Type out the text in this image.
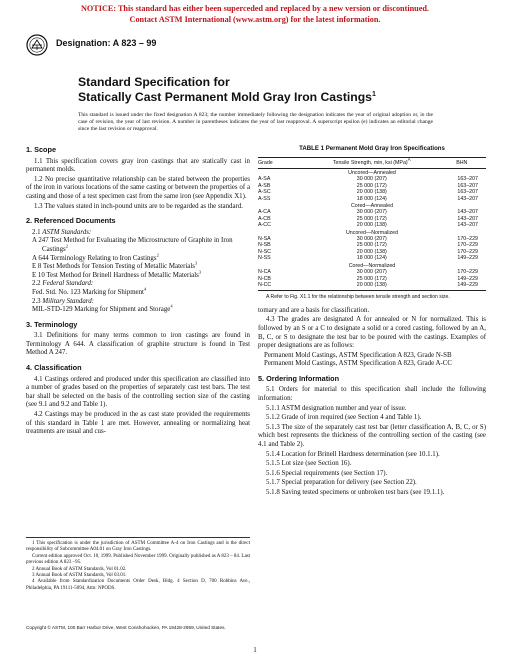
NOTICE: This standard has either been superceded and replaced by a new version or discontinued.
Contact ASTM International (www.astm.org) for the latest information.
Designation: A 823 – 99
Standard Specification for
Statically Cast Permanent Mold Gray Iron Castings$^1$
This standard is issued under the fixed designation A 823; the number immediately following the designation indicates the year of original adoption or, in the case of revision, the year of last revision. A number in parentheses indicates the year of last reapproval. A superscript epsilon (e) indicates an editorial change since the last revision or reapproval.
1. Scope

1.1 This specification covers gray iron castings that are statically cast in permanent molds.

1.2 No precise quantitative relationship can be stated between the properties of the iron in various locations of the same casting or between the properties of a casting and those of a test specimen cast from the same iron (see Appendix X1).

1.3 The values stated in inch-pound units are to be regarded as the standard.

2. Referenced Documents

2.1 ASTM Standards:

A 247 Test Method for Evaluating the Microstructure of Graphite in Iron Castings$^2$

A 644 Terminology Relating to Iron Castings$^2$

E 8 Test Methods for Tension Testing of Metallic Materials$^3$

E 10 Test Method for Brinell Hardness of Metallic Materials$^3$

2.2 Federal Standard:

Fed. Std. No. 123 Marking for Shipment$^4$

2.3 Military Standard:

MIL-STD-129 Marking for Shipment and Storage$^4$

3. Terminology

3.1 Definitions for many terms common to iron castings are found in Terminology A 644. A classification of graphite structure is found in Test Method A 247.

4. Classification

4.1 Castings ordered and produced under this specification are classified into a number of grades based on the properties of separately cast test bars. The test bar shall be selected on the basis of the controlling section size of the casting (see 9.1 and 9.2 and Table 1).

4.2 Castings may be produced in the as cast state provided the requirements of this standard in Table 1 are met. However, annealing or normalizing heat treatments are usual and cus-

TABLE 1 Permanent Mold Gray Iron Specifications
Grade	Tensile Strength, min, ksi (MPa)$^A$	BHN
Uncored—Annealed		
A-SA	30 000 (207)	163–207
A-SB	25 000 (172)	163–207
A-SC	20 000 (138)	163–207
A-SS	18 000 (124)	143–207
Cored—Annealed		
A-CA	30 000 (207)	143–207
A-CB	25 000 (172)	143–207
A-CC	20 000 (138)	143–207
Uncored—Normalized		
N-SA	30 000 (207)	170–229
N-SB	25 000 (172)	170–229
N-SC	20 000 (138)	170–229
N-SS	18 000 (124)	149–229
Cored—Normalized		
N-CA	30 000 (207)	170–229
N-CB	25 000 (172)	149–229
N-CC	20 000 (138)	149–229

A Refer to Fig. X1.1 for the relationship between tensile strength and section size.

tomary and are a basis for classification.

4.3 The grades are designated A for annealed or N for normalized. This is followed by an S or a C to designate a solid or a cored casting, followed by an A, B, C, or S to designate the test bar to be poured with the castings. Examples of proper designations are as follows:

Permanent Mold Castings, ASTM Specification A 823, Grade N-SB

Permanent Mold Castings, ASTM Specification A 823, Grade A-CC

5. Ordering Information

5.1 Orders for material to this specification shall include the following information:

5.1.1 ASTM designation number and year of issue.

5.1.2 Grade of iron required (see Section 4 and Table 1).

5.1.3 The size of the separately cast test bar (letter classification A, B, C, or S) which best represents the thickness of the controlling section of the casting (see 4.1 and Table 2).

5.1.4 Location for Brinell Hardness determination (see 10.1.1).

5.1.5 Lot size (see Section 16).

5.1.6 Special requirements (see Section 17).

5.1.7 Special preparation for delivery (see Section 22).

5.1.8 Saving tested specimens or unbroken test bars (see 19.1.1).

1 This specification is under the jurisdiction of ASTM Committee A-4 on Iron Castings and is the direct responsibility of Subcommittee A04.01 on Gray Iron Castings.

Current edition approved Oct. 10, 1999. Published November 1999. Originally published as A 823 – 84. Last previous edition A 823 –95.

2 Annual Book of ASTM Standards, Vol 01.02.

3 Annual Book of ASTM Standards, Vol 03.01.

4 Available from Standardization Documents Order Desk, Bldg. 4 Section D, 700 Robbins Ave., Philadelphia, PA 19111-5094, Attn: NPODS.

Copyright © ASTM, 100 Barr Harbor Drive, West Conshohocken, PA 19428-2959, United States.
1
